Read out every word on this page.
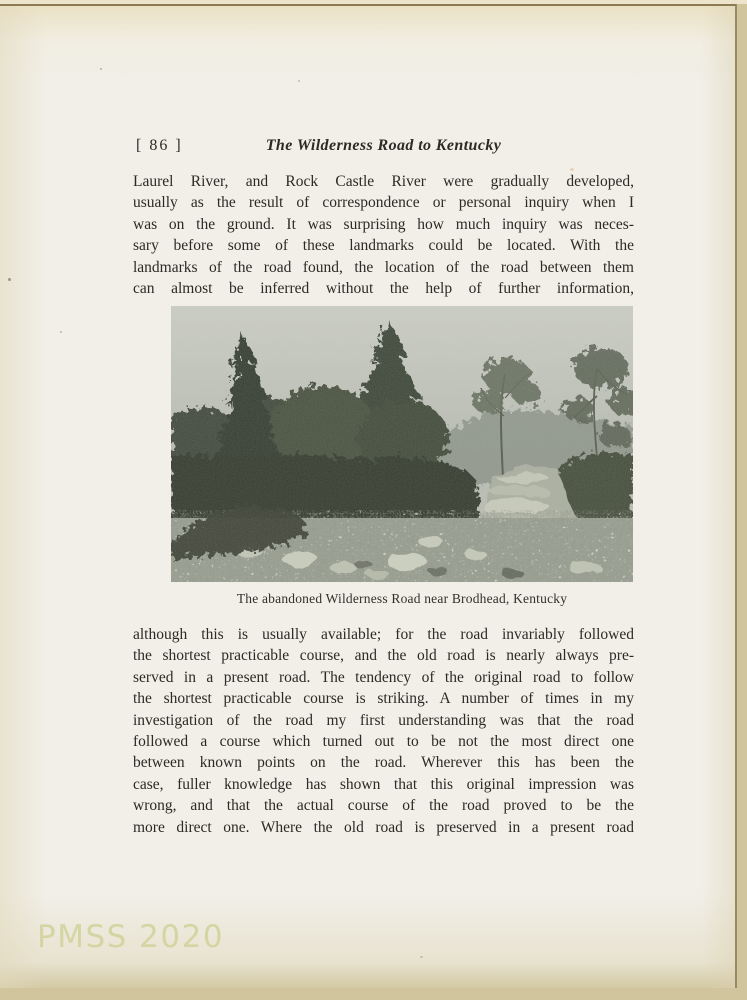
[ 86 ]	The Wilderness Road to Kentucky
Laurel River, and Rock Castle River were gradually developed,
usually as the result of correspondence or personal inquiry when I
was on the ground. It was surprising how much inquiry was neces-
sary before some of these landmarks could be located. With the
landmarks of the road found, the location of the road between them
can almost be inferred without the help of further information,
The abandoned Wilderness Road near Brodhead, Kentucky
although this is usually available; for the road invariably followed
the shortest practicable course, and the old road is nearly always pre-
served in a present road. The tendency of the original road to follow
the shortest practicable course is striking. A number of times in my
investigation of the road my first understanding was that the road
followed a course which turned out to be not the most direct one
between known points on the road. Wherever this has been the
case, fuller knowledge has shown that this original impression was
wrong, and that the actual course of the road proved to be the
more direct one. Where the old road is preserved in a present road
PMSS 2020
